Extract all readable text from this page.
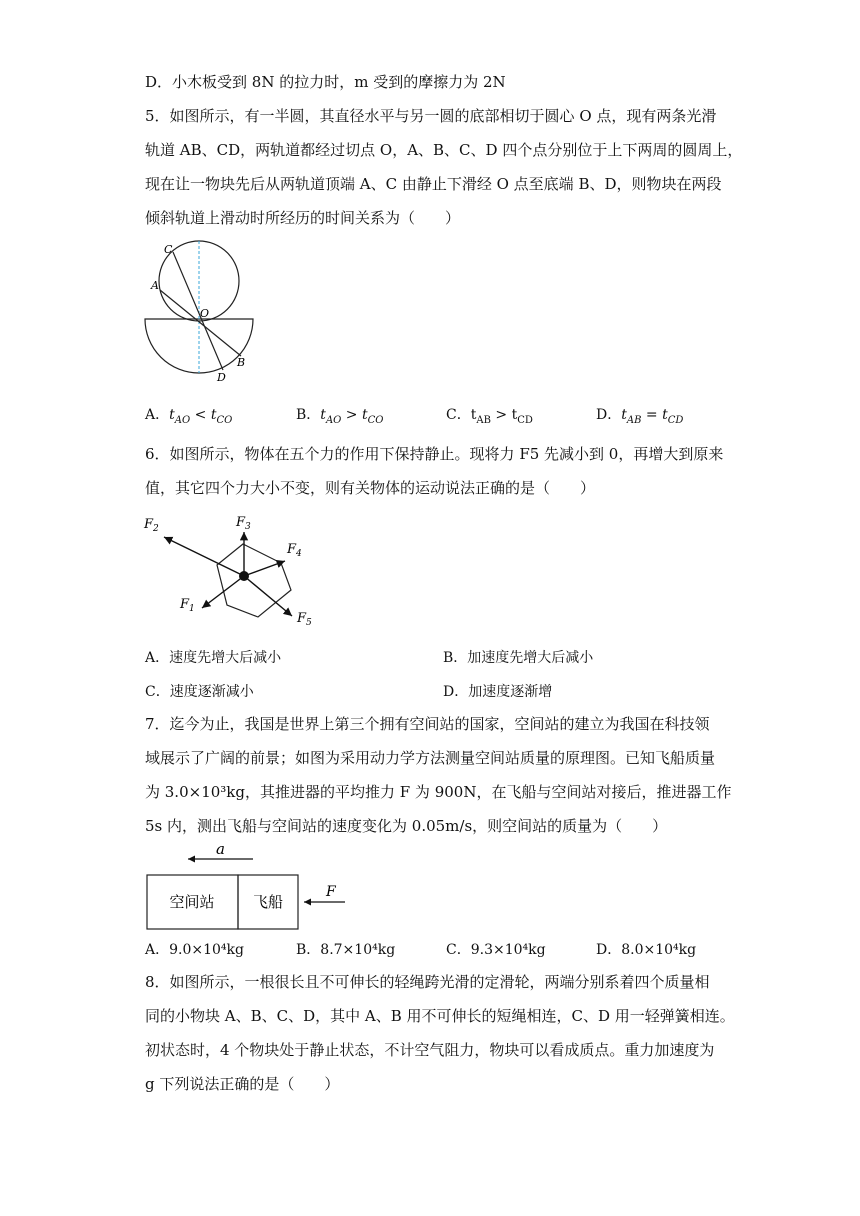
D．小木板受到 8N 的拉力时，m 受到的摩擦力为 2N
5．如图所示，有一半圆，其直径水平与另一圆的底部相切于圆心 O 点，现有两条光滑
轨道 AB、CD，两轨道都经过切点 O，A、B、C、D 四个点分别位于上下两周的圆周上，
现在让一物块先后从两轨道顶端 A、C 由静止下滑经 O 点至底端 B、D，则物块在两段
倾斜轨道上滑动时所经历的时间关系为（　　）
C
A
O
B
D
A．$t_{AO} < t_{CO}$	B．$t_{AO} > t_{CO}$	C．$t_{AB} > t_{CD}$	D．$t_{AB} = t_{CD}$
6．如图所示，物体在五个力的作用下保持静止。现将力 F5 先减小到 0，再增大到原来
值，其它四个力大小不变，则有关物体的运动说法正确的是（　　）
$F_2$	$F_3$
$F_4$
$F_1$
$F_5$
A．速度先增大后减小	B．加速度先增大后减小
C．速度逐渐减小	D．加速度逐渐增
7．迄今为止，我国是世界上第三个拥有空间站的国家，空间站的建立为我国在科技领
域展示了广阔的前景；如图为采用动力学方法测量空间站质量的原理图。已知飞船质量
为 3.0×10³kg，其推进器的平均推力 F 为 900N，在飞船与空间站对接后，推进器工作
5s 内，测出飞船与空间站的速度变化为 0.05m/s，则空间站的质量为（　　）
a
空间站	飞船
F
A．9.0×10⁴kg	B．8.7×10⁴kg	C．9.3×10⁴kg	D．8.0×10⁴kg
8．如图所示，一根很长且不可伸长的轻绳跨光滑的定滑轮，两端分别系着四个质量相
同的小物块 A、B、C、D，其中 A、B 用不可伸长的短绳相连，C、D 用一轻弹簧相连。
初状态时，4 个物块处于静止状态，不计空气阻力，物块可以看成质点。重力加速度为
g 下列说法正确的是（　　）
